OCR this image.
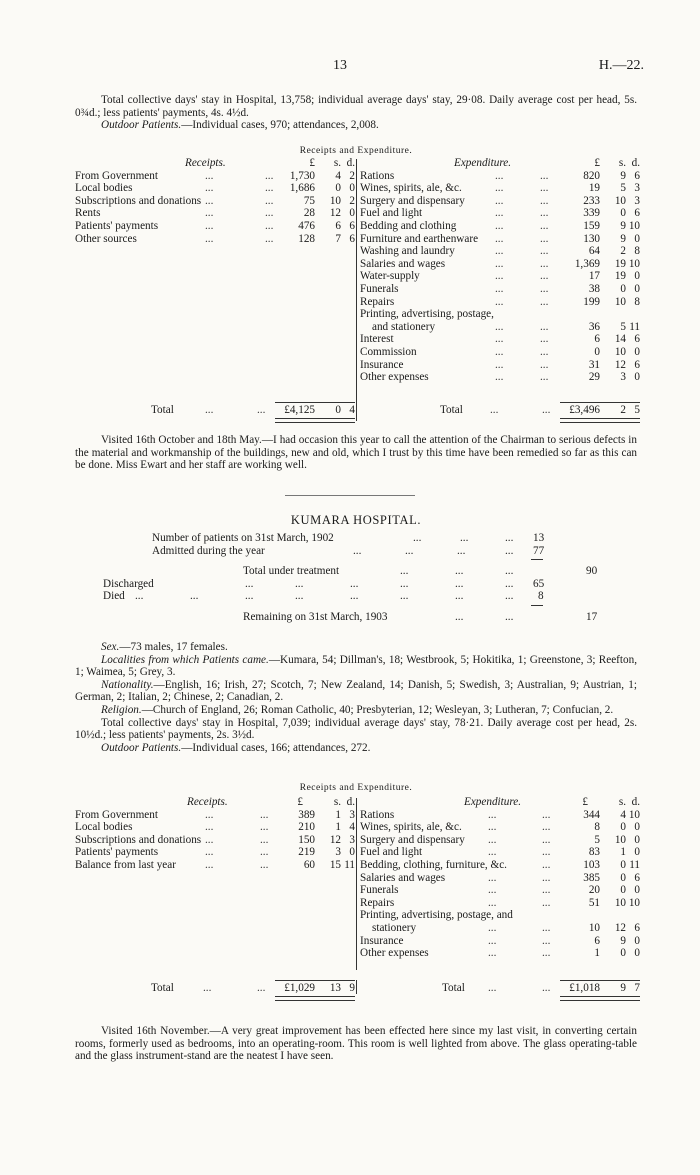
13	H.—22.

Total collective days' stay in Hospital, 13,758; individual average days' stay, 29·08. Daily average cost per head, 5s. 0¾d.; less patients' payments, 4s. 4½d.

Outdoor Patients.—Individual cases, 970; attendances, 2,008.

Receipts and Expenditure.
Receipts.	£	s. d.
From Government	...	... 1,730	4 2
Local bodies	...	... 1,686	0 0
Subscriptions and donations ...	...	75	10 2
Rents	...	...	28	12 0
Patients' payments	...	... 476	6 6
Other sources	...	... 128	7 6
Expenditure.	£	s. d.
Rations	...	...	820	9 6
Wines, spirits, ale, &c.	...	...	19	5 3
Surgery and dispensary	...	...	233	10 3
Fuel and light	...	...	339	0 6
Bedding and clothing	...	...	159	9 10
Furniture and earthenware ...	...	130	9 0
Washing and laundry	...	...	64	2 8
Salaries and wages	...	... 1,369	19 10
Water-supply	...	...	17	19 0
Funerals	...	...	38	0 0
Repairs	...	...	199	10 8
Printing, advertising, postage,
and stationery	...	...	36	5 11
Interest	...	...	6	14 6
Commission	...	...	0	10 0
Insurance	...	...	31	12 6
Other expenses	...	...	29	3 0
Total	...	... £4,125	0 4	Total ...	... £3,496	2 5

Visited 16th October and 18th May.—I had occasion this year to call the attention of the Chairman to serious defects in the material and workmanship of the buildings, new and old, which I trust by this time have been remedied so far as this can be done. Miss Ewart and her staff are working well.

KUMARA HOSPITAL.
Number of patients on 31st March, 1902	...	...	... 13
Admitted during the year	...	...	...	... 77
Total under treatment	...	...	...	90
Discharged	...	...	...	...	...	... 65
Died ...	...	...	...	...	...	...	... 8
Remaining on 31st March, 1903	...	...	17

Sex.—73 males, 17 females.

Localities from which Patients came.—Kumara, 54; Dillman's, 18; Westbrook, 5; Hokitika, 1; Greenstone, 3; Reefton, 1; Waimea, 5; Grey, 3.

Nationality.—English, 16; Irish, 27; Scotch, 7; New Zealand, 14; Danish, 5; Swedish, 3; Australian, 9; Austrian, 1; German, 2; Italian, 2; Chinese, 2; Canadian, 2.

Religion.—Church of England, 26; Roman Catholic, 40; Presbyterian, 12; Wesleyan, 3; Lutheran, 7; Confucian, 2.

Total collective days' stay in Hospital, 7,039; individual average days' stay, 78·21. Daily average cost per head, 2s. 10½d.; less patients' payments, 2s. 3½d.

Outdoor Patients.—Individual cases, 166; attendances, 272.

Receipts and Expenditure.
Receipts.	£	s. d.
From Government	...	...	389	1 3
Local bodies	...	...	210	1 4
Subscriptions and donations ...	...	150	12 3
Patients' payments	...	...	219	3 0
Balance from last year	...	...	60	15 11
Expenditure.	£	s. d.
Rations	...	...	344	4 10
Wines, spirits, ale, &c. ...	...	8	0 0
Surgery and dispensary ...	...	5	10 0
Fuel and light	...	...	83	1 0
Bedding, clothing, furniture, &c.	...	103	0 11
Salaries and wages	...	...	385	0 6
Funerals	...	...	20	0 0
Repairs	...	...	51	10 10
Printing, advertising, postage, and
stationery	...	...	10	12 6
Insurance	...	...	6	9 0
Other expenses	...	...	1	0 0
Total	...	... £1,029	13 9	Total ...	... £1,018	9 7

Visited 16th November.—A very great improvement has been effected here since my last visit, in converting certain rooms, formerly used as bedrooms, into an operating-room. This room is well lighted from above. The glass operating-table and the glass instrument-stand are the neatest I have seen.
